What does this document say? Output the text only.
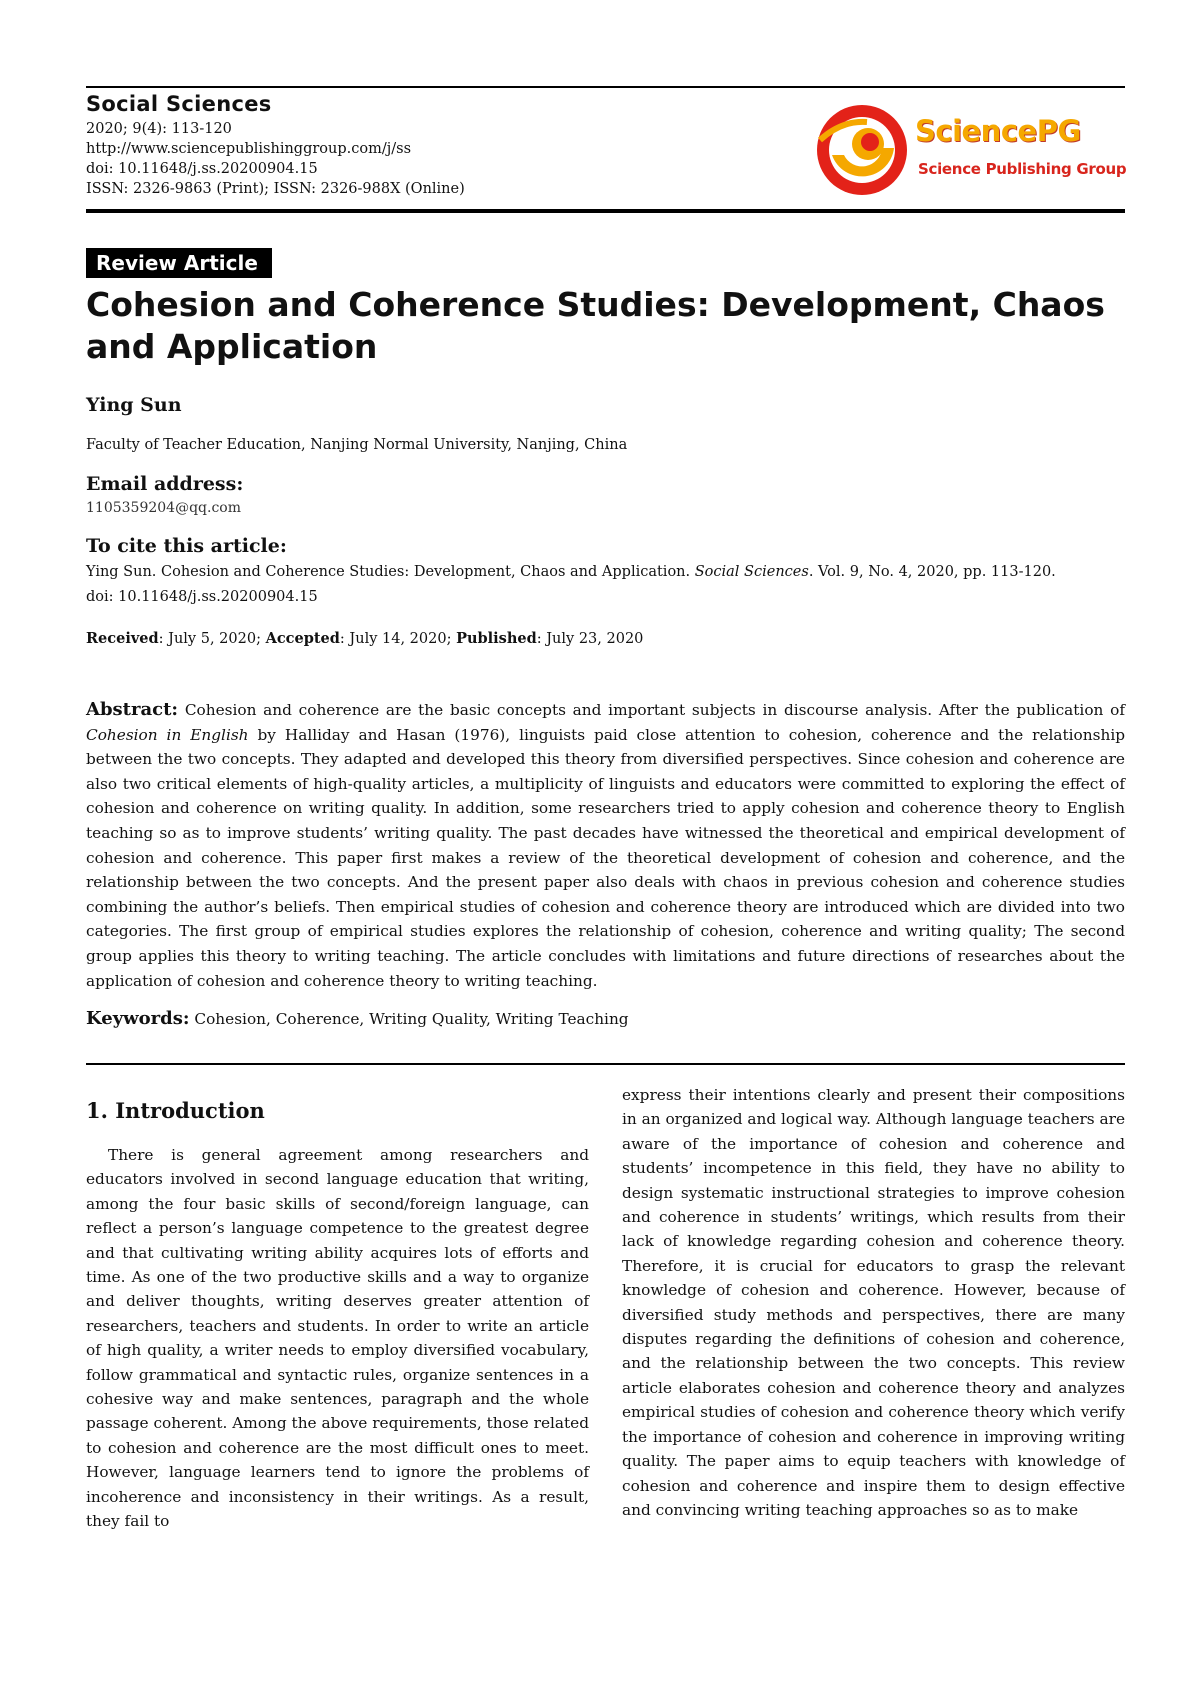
Social Sciences
2020; 9(4): 113-120
http://www.sciencepublishinggroup.com/j/ss
doi: 10.11648/j.ss.20200904.15
ISSN: 2326-9863 (Print); ISSN: 2326-988X (Online)
SciencePG
Science Publishing Group
Review Article
Cohesion and Coherence Studies: Development, Chaos and Application
Ying Sun
Faculty of Teacher Education, Nanjing Normal University, Nanjing, China
Email address:
1105359204@qq.com
To cite this article:
Ying Sun. Cohesion and Coherence Studies: Development, Chaos and Application. Social Sciences. Vol. 9, No. 4, 2020, pp. 113-120.
doi: 10.11648/j.ss.20200904.15
Received: July 5, 2020; Accepted: July 14, 2020; Published: July 23, 2020

Abstract: Cohesion and coherence are the basic concepts and important subjects in discourse analysis. After the publication of Cohesion in English by Halliday and Hasan (1976), linguists paid close attention to cohesion, coherence and the relationship between the two concepts. They adapted and developed this theory from diversified perspectives. Since cohesion and coherence are also two critical elements of high-quality articles, a multiplicity of linguists and educators were committed to exploring the effect of cohesion and coherence on writing quality. In addition, some researchers tried to apply cohesion and coherence theory to English teaching so as to improve students’ writing quality. The past decades have witnessed the theoretical and empirical development of cohesion and coherence. This paper first makes a review of the theoretical development of cohesion and coherence, and the relationship between the two concepts. And the present paper also deals with chaos in previous cohesion and coherence studies combining the author’s beliefs. Then empirical studies of cohesion and coherence theory are introduced which are divided into two categories. The first group of empirical studies explores the relationship of cohesion, coherence and writing quality; The second group applies this theory to writing teaching. The article concludes with limitations and future directions of researches about the application of cohesion and coherence theory to writing teaching.

Keywords: Cohesion, Coherence, Writing Quality, Writing Teaching
1. Introduction

There is general agreement among researchers and educators involved in second language education that writing, among the four basic skills of second/foreign language, can reflect a person’s language competence to the greatest degree and that cultivating writing ability acquires lots of efforts and time. As one of the two productive skills and a way to organize and deliver thoughts, writing deserves greater attention of researchers, teachers and students. In order to write an article of high quality, a writer needs to employ diversified vocabulary, follow grammatical and syntactic rules, organize sentences in a cohesive way and make sentences, paragraph and the whole passage coherent. Among the above requirements, those related to cohesion and coherence are the most difficult ones to meet. However, language learners tend to ignore the problems of incoherence and inconsistency in their writings. As a result, they fail to

express their intentions clearly and present their compositions in an organized and logical way. Although language teachers are aware of the importance of cohesion and coherence and students’ incompetence in this field, they have no ability to design systematic instructional strategies to improve cohesion and coherence in students’ writings, which results from their lack of knowledge regarding cohesion and coherence theory. Therefore, it is crucial for educators to grasp the relevant knowledge of cohesion and coherence. However, because of diversified study methods and perspectives, there are many disputes regarding the definitions of cohesion and coherence, and the relationship between the two concepts. This review article elaborates cohesion and coherence theory and analyzes empirical studies of cohesion and coherence theory which verify the importance of cohesion and coherence in improving writing quality. The paper aims to equip teachers with knowledge of cohesion and coherence and inspire them to design effective and convincing writing teaching approaches so as to make
